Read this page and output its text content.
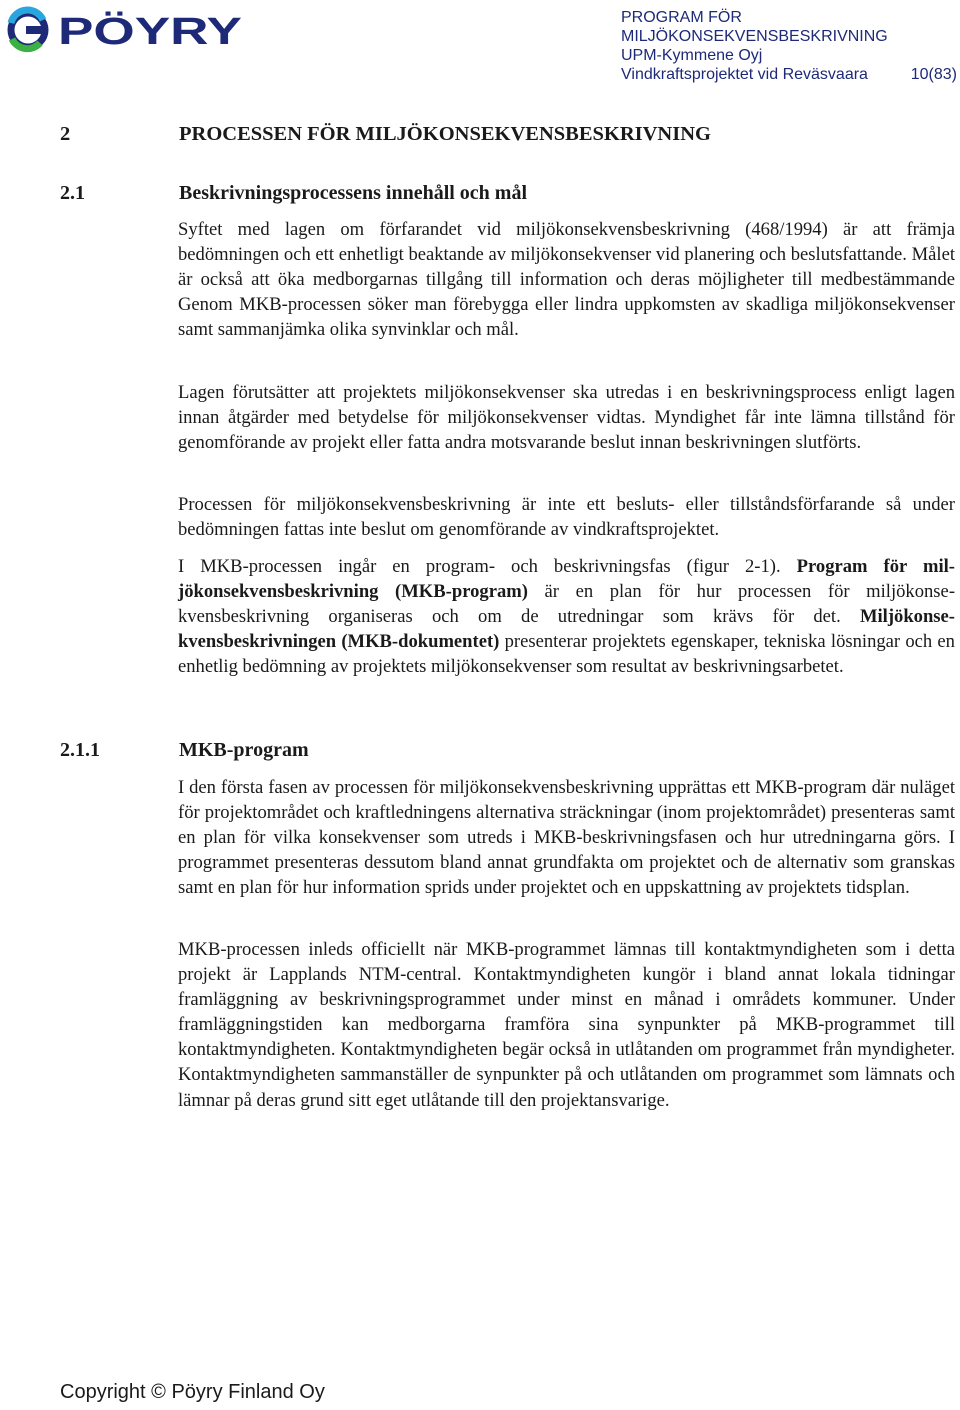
PÖYRY	PROGRAM FÖR
MILJÖKONSEKVENSBESKRIVNING
UPM-Kymmene Oyj
Vindkraftsprojektet vid Reväsvaara	10(83)
2	PROCESSEN FÖR MILJÖKONSEKVENSBESKRIVNING
2.1	Beskrivningsprocessens innehåll och mål

Syftet med lagen om förfarandet vid miljökonsekvensbeskrivning (468/1994) är att främja bedömningen och ett enhetligt beaktande av miljökonsekvenser vid planering och beslutsfattande. Målet är också att öka medborgarnas tillgång till information och deras möjligheter till medbestämmande Genom MKB-processen söker man förebygga eller lindra uppkomsten av skadliga miljökonsekvenser samt sammanjämka olika synvinklar och mål.

Lagen förutsätter att projektets miljökonsekvenser ska utredas i en beskrivningsprocess enligt lagen innan åtgärder med betydelse för miljökonsekvenser vidtas. Myndighet får inte lämna tillstånd för genomförande av projekt eller fatta andra motsvarande beslut innan beskrivningen slutförts.

Processen för miljökonsekvensbeskrivning är inte ett besluts- eller tillståndsförfarande så under bedömningen fattas inte beslut om genomförande av vindkraftsprojektet.

I MKB-processen ingår en program- och beskrivningsfas (figur 2-1). Program för miljökonsekvensbeskrivning (MKB-program) är en plan för hur processen för miljökonsekvensbeskrivning organiseras och om de utredningar som krävs för det. Miljökonsekvensbeskrivningen (MKB-dokumentet) presenterar projektets egenskaper, tekniska lösningar och en enhetlig bedömning av projektets miljökonsekvenser som resultat av beskrivningsarbetet.

2.1.1	MKB-program

I den första fasen av processen för miljökonsekvensbeskrivning upprättas ett MKB-program där nuläget för projektområdet och kraftledningens alternativa sträckningar (inom projektområdet) presenteras samt en plan för vilka konsekvenser som utreds i MKB-beskrivningsfasen och hur utredningarna görs. I programmet presenteras dessutom bland annat grundfakta om projektet och de alternativ som granskas samt en plan för hur information sprids under projektet och en uppskattning av projektets tidsplan.

MKB-processen inleds officiellt när MKB-programmet lämnas till kontaktmyndigheten som i detta projekt är Lapplands NTM-central. Kontaktmyndigheten kungör i bland annat lokala tidningar framläggning av beskrivningsprogrammet under minst en månad i områdets kommuner. Under framläggningstiden kan medborgarna framföra sina synpunkter på MKB-programmet till kontaktmyndigheten. Kontaktmyndigheten begär också in utlåtanden om programmet från myndigheter. Kontaktmyndigheten sammanställer de synpunkter på och utlåtanden om programmet som lämnats och lämnar på deras grund sitt eget utlåtande till den projektansvarige.

Copyright © Pöyry Finland Oy
